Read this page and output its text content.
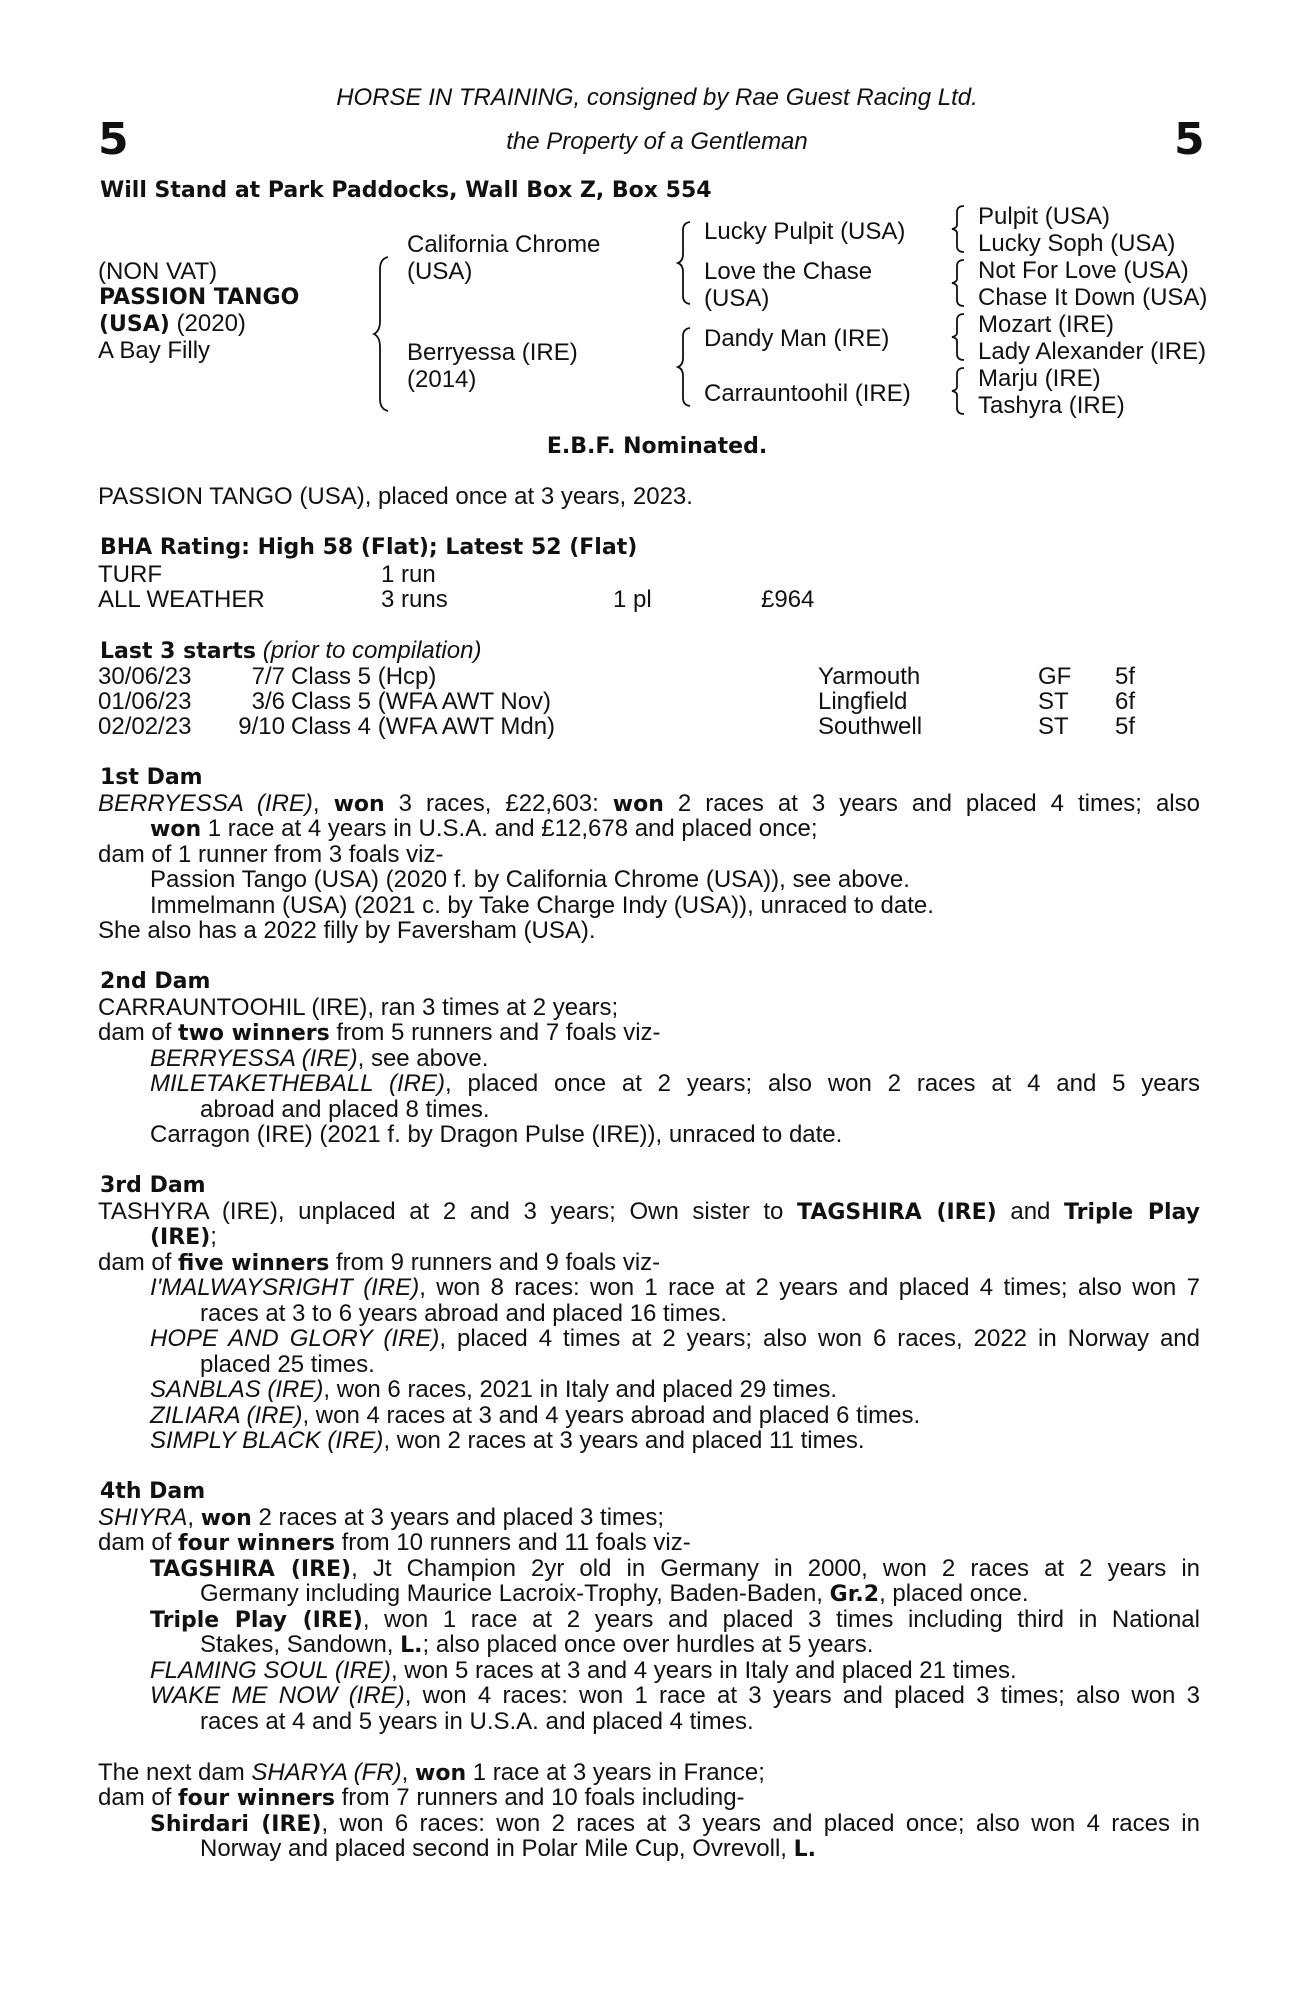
HORSE IN TRAINING, consigned by Rae Guest Racing Ltd.
the Property of a Gentleman
5	5
Will Stand at Park Paddocks, Wall Box Z, Box 554
(NON VAT)
PASSION TANGO
(USA) (2020)
A Bay Filly
California Chrome
(USA)
Berryessa (IRE)
(2014)
Lucky Pulpit (USA)
Love the Chase
(USA)
Dandy Man (IRE)
Carrauntoohil (IRE)
Pulpit (USA)
Lucky Soph (USA)
Not For Love (USA)
Chase It Down (USA)
Mozart (IRE)
Lady Alexander (IRE)
Marju (IRE)
Tashyra (IRE)
E.B.F. Nominated.
PASSION TANGO (USA), placed once at 3 years, 2023.
BHA Rating: High 58 (Flat); Latest 52 (Flat)
TURF	1 run
ALL WEATHER	3 runs	1 pl	£964
Last 3 starts (prior to compilation)
30/06/23	7/7 Class 5 (Hcp)	Yarmouth	GF 5f
01/06/23	3/6 Class 5 (WFA AWT Nov)	Lingfield	ST 6f
02/02/23	9/10 Class 4 (WFA AWT Mdn)	Southwell	ST 5f
1st Dam
BERRYESSA (IRE), won 3 races, £22,603: won 2 races at 3 years and placed 4 times; also
won 1 race at 4 years in U.S.A. and £12,678 and placed once;
dam of 1 runner from 3 foals viz-
Passion Tango (USA) (2020 f. by California Chrome (USA)), see above.
Immelmann (USA) (2021 c. by Take Charge Indy (USA)), unraced to date.
She also has a 2022 filly by Faversham (USA).
2nd Dam
CARRAUNTOOHIL (IRE), ran 3 times at 2 years;
dam of two winners from 5 runners and 7 foals viz-
BERRYESSA (IRE), see above.
MILETAKETHEBALL (IRE), placed once at 2 years; also won 2 races at 4 and 5 years
abroad and placed 8 times.
Carragon (IRE) (2021 f. by Dragon Pulse (IRE)), unraced to date.
3rd Dam
TASHYRA (IRE), unplaced at 2 and 3 years; Own sister to TAGSHIRA (IRE) and Triple Play
(IRE);
dam of five winners from 9 runners and 9 foals viz-
I'MALWAYSRIGHT (IRE), won 8 races: won 1 race at 2 years and placed 4 times; also won 7
races at 3 to 6 years abroad and placed 16 times.
HOPE AND GLORY (IRE), placed 4 times at 2 years; also won 6 races, 2022 in Norway and
placed 25 times.
SANBLAS (IRE), won 6 races, 2021 in Italy and placed 29 times.
ZILIARA (IRE), won 4 races at 3 and 4 years abroad and placed 6 times.
SIMPLY BLACK (IRE), won 2 races at 3 years and placed 11 times.
4th Dam
SHIYRA, won 2 races at 3 years and placed 3 times;
dam of four winners from 10 runners and 11 foals viz-
TAGSHIRA (IRE), Jt Champion 2yr old in Germany in 2000, won 2 races at 2 years in
Germany including Maurice Lacroix-Trophy, Baden-Baden, Gr.2, placed once.
Triple Play (IRE), won 1 race at 2 years and placed 3 times including third in National
Stakes, Sandown, L.; also placed once over hurdles at 5 years.
FLAMING SOUL (IRE), won 5 races at 3 and 4 years in Italy and placed 21 times.
WAKE ME NOW (IRE), won 4 races: won 1 race at 3 years and placed 3 times; also won 3
races at 4 and 5 years in U.S.A. and placed 4 times.
The next dam SHARYA (FR), won 1 race at 3 years in France;
dam of four winners from 7 runners and 10 foals including-
Shirdari (IRE), won 6 races: won 2 races at 3 years and placed once; also won 4 races in
Norway and placed second in Polar Mile Cup, Ovrevoll, L.
